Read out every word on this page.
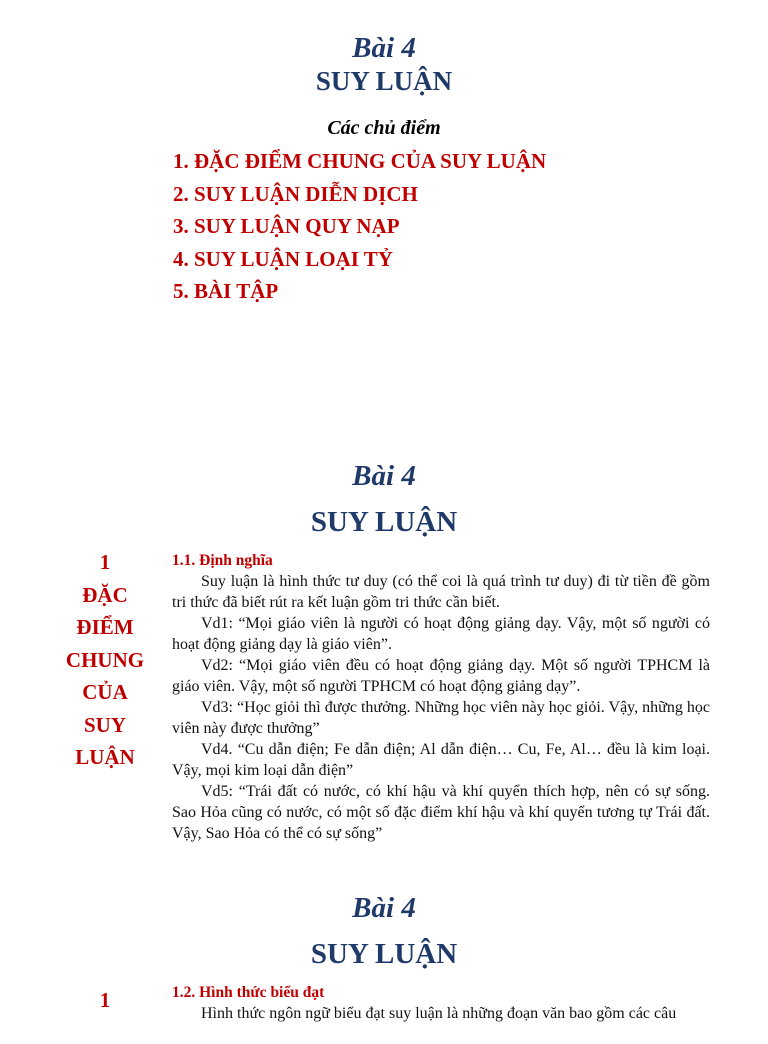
Bài 4
SUY LUẬN
Các chủ điểm
1. ĐẶC ĐIỂM CHUNG CỦA SUY LUẬN
2. SUY LUẬN DIỄN DỊCH
3. SUY LUẬN QUY NẠP
4. SUY LUẬN LOẠI TỶ
5. BÀI TẬP
Bài 4
SUY LUẬN
1
ĐẶC
ĐIỂM
CHUNG
CỦA
SUY
LUẬN
1.1. Định nghĩa

Suy luận là hình thức tư duy (có thể coi là quá trình tư duy) đi từ tiền đề gồm tri thức đã biết rút ra kết luận gồm tri thức cần biết.

Vd1: “Mọi giáo viên là người có hoạt động giảng dạy. Vậy, một số người có hoạt động giảng dạy là giáo viên”.

Vd2: “Mọi giáo viên đều có hoạt động giảng dạy. Một số người TPHCM là giáo viên. Vậy, một số người TPHCM có hoạt động giảng dạy”.

Vd3: “Học giỏi thì được thưởng. Những học viên này học giỏi. Vậy, những học viên này được thưởng”

Vd4. “Cu dẫn điện; Fe dẫn điện; Al dẫn điện… Cu, Fe, Al… đều là kim loại. Vậy, mọi kim loại dẫn điện”

Vd5: “Trái đất có nước, có khí hậu và khí quyển thích hợp, nên có sự sống. Sao Hỏa cũng có nước, có một số đặc điểm khí hậu và khí quyển tương tự Trái đất. Vậy, Sao Hỏa có thể có sự sống”

Bài 4
SUY LUẬN
1	1.2. Hình thức biểu đạt

Hình thức ngôn ngữ biểu đạt suy luận là những đoạn văn bao gồm các câu
